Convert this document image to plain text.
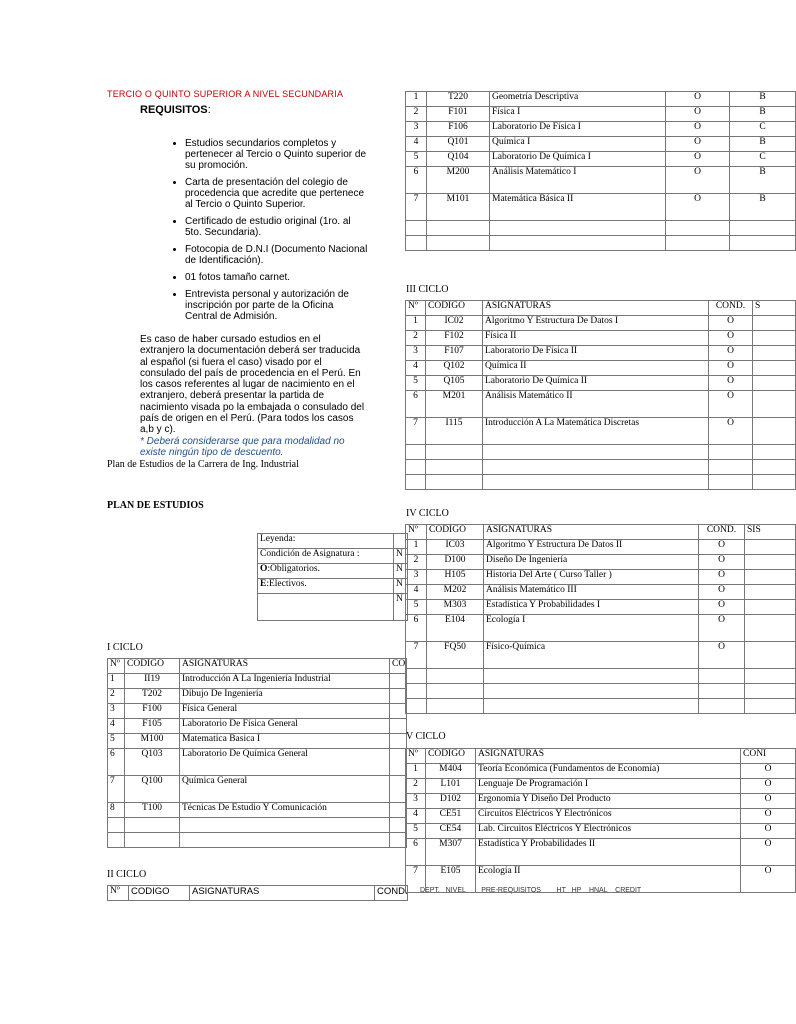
TERCIO O QUINTO SUPERIOR A NIVEL SECUNDARIA
REQUISITOS:
• Estudios secundarios completos y pertenecer al Tercio o Quinto superior de su promoción.
• Carta de presentación del colegio de procedencia que acredite que pertenece al Tercio o Quinto Superior.
• Certificado de estudio original (1ro. al 5to. Secundaria).
• Fotocopia de D.N.I (Documento Nacional de Identificación).
• 01 fotos tamaño carnet.
• Entrevista personal y autorización de inscripción por parte de la Oficina Central de Admisión.
Es caso de haber cursado estudios en el extranjero la documentación deberá ser traducida al español (si fuera el caso) visado por el consulado del país de procedencia en el Perú. En los casos referentes al lugar de nacimiento en el extranjero, deberá presentar la partida de nacimiento visada po la embajada o consulado del país de origen en el Perú. (Para todos los casos a,b y c).
* Deberá considerarse que para modalidad no existe ningún tipo de descuento.
Plan de Estudios de la Carrera de Ing. Industrial
PLAN DE ESTUDIOS
Leyenda:	
Condición de Asignatura :	N
O:Obligatorios.	N
E:Electivos.	N
	N
I CICLO
Nº	CODIGO	ASIGNATURAS	CO
1	II19	Introducción A La Ingeniería Industrial	
2	T202	Dibujo De Ingeniería	
3	F100	Física General	
4	F105	Laboratorio De Física General	
5	M100	Matematica Basica I	
6	Q103	Laboratorio De Química General	
7	Q100	Química General	
8	T100	Técnicas De Estudio Y Comunicación	

II CICLO
Nº	CODIGO	ASIGNATURAS	COND. DEPT.   NIVEL        PRE-REQUISITOS        HT   HP    HNAL    CREDIT
1	T220	Geometría Descriptiva	O	B
2	F101	Física I	O	B
3	F106	Laboratorio De Física I	O	C
4	Q101	Química I	O	B
5	Q104	Laboratorio De Química I	O	C
6	M200	Análisis Matemático I	O	B
7	M101	Matemática Básica II	O	B

III CICLO
Nº	CODIGO	ASIGNATURAS	COND.	S
1	IC02	Algoritmo Y Estructura De Datos I	O	
2	F102	Física II	O	
3	F107	Laboratorio De Física II	O	
4	Q102	Química II	O	
5	Q105	Laboratorio De Química II	O	
6	M201	Análisis Matemático II	O	
7	I115	Introducción A La Matemática Discretas	O	

IV CICLO
Nº	CODIGO	ASIGNATURAS	COND.	SIS
1	IC03	Algoritmo Y Estructura De Datos II	O	
2	D100	Diseño De Ingeniería	O	
3	H105	Historia Del Arte ( Curso Taller )	O	
4	M202	Análisis Matemático III	O	
5	M303	Estadística Y Probabilidades I	O	
6	E104	Ecología I	O	
7	FQ50	Físico-Química	O	

V CICLO
Nº	CODIGO	ASIGNATURAS	CONI
1	M404	Teoría Económica (Fundamentos de Economía)	O
2	L101	Lenguaje De Programación I	O
3	D102	Ergonomía Y Diseño Del Producto	O
4	CE51	Circuitos Eléctricos Y Electrónicos	O
5	CE54	Lab. Circuitos Eléctricos Y Electrónicos	O
6	M307	Estadística Y Probabilidades II	O
7	E105	Ecología II	O
